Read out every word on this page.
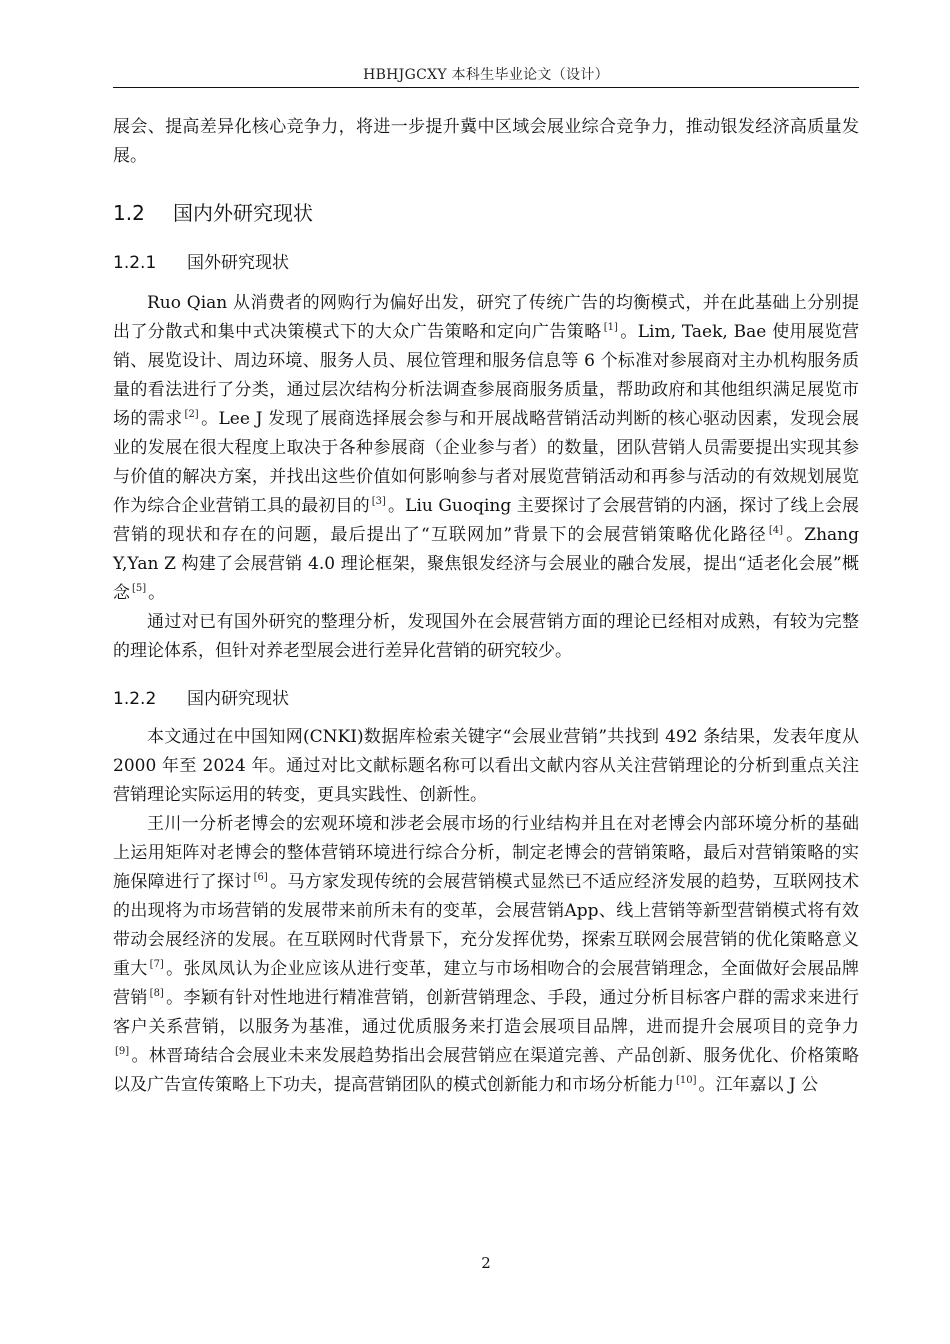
HBHJGCXY 本科生毕业论文（设计）

展会、提高差异化核心竞争力，将进一步提升冀中区域会展业综合竞争力，推动银发经济高质量发展。

1.2 国内外研究现状
1.2.1 国外研究现状

Ruo Qian 从消费者的网购行为偏好出发，研究了传统广告的均衡模式，并在此基础上分别提出了分散式和集中式决策模式下的大众广告策略和定向广告策略 [1] 。Lim, Taek, Bae 使用展览营销、展览设计、周边环境、服务人员、展位管理和服务信息等 6 个标准对参展商对主办机构服务质量的看法进行了分类，通过层次结构分析法调查参展商服务质量，帮助政府和其他组织满足展览市场的需求 [2] 。Lee J 发现了展商选择展会参与和开展战略营销活动判断的核心驱动因素，发现会展业的发展在很大程度上取决于各种参展商（企业参与者）的数量，团队营销人员需要提出实现其参与价值的解决方案，并找出这些价值如何影响参与者对展览营销活动和再参与活动的有效规划展览作为综合企业营销工具的最初目的 [3] 。Liu Guoqing 主要探讨了会展营销的内涵，探讨了线上会展营销的现状和存在的问题，最后提出了“互联网加”背景下的会展营销策略优化路径 [4] 。Zhang Y,Yan Z 构建了会展营销 4.0 理论框架，聚焦银发经济与会展业的融合发展，提出“适老化会展”概念 [5] 。

通过对已有国外研究的整理分析，发现国外在会展营销方面的理论已经相对成熟，有较为完整的理论体系，但针对养老型展会进行差异化营销的研究较少。

1.2.2 国内研究现状

本文通过在中国知网(CNKI)数据库检索关键字“会展业营销”共找到 492 条结果，发表年度从 2000 年至 2024 年。通过对比文献标题名称可以看出文献内容从关注营销理论的分析到重点关注营销理论实际运用的转变，更具实践性、创新性。

王川一分析老博会的宏观环境和涉老会展市场的行业结构并且在对老博会内部环境分析的基础上运用矩阵对老博会的整体营销环境进行综合分析，制定老博会的营销策略，最后对营销策略的实施保障进行了探讨 [6] 。马方家发现传统的会展营销模式显然已不适应经济发展的趋势，互联网技术的出现将为市场营销的发展带来前所未有的变革，会展营销App、线上营销等新型营销模式将有效带动会展经济的发展。在互联网时代背景下，充分发挥优势，探索互联网会展营销的优化策略意义重大 [7] 。张凤凤认为企业应该从进行变革，建立与市场相吻合的会展营销理念，全面做好会展品牌营销 [8] 。李颖有针对性地进行精准营销，创新营销理念、手段，通过分析目标客户群的需求来进行客户关系营销，以服务为基准，通过优质服务来打造会展项目品牌，进而提升会展项目的竞争力[9] 。林晋琦结合会展业未来发展趋势指出会展营销应在渠道完善、产品创新、服务优化、价格策略以及广告宣传策略上下功夫，提高营销团队的模式创新能力和市场分析能力 [10] 。江年嘉以 J 公

2
